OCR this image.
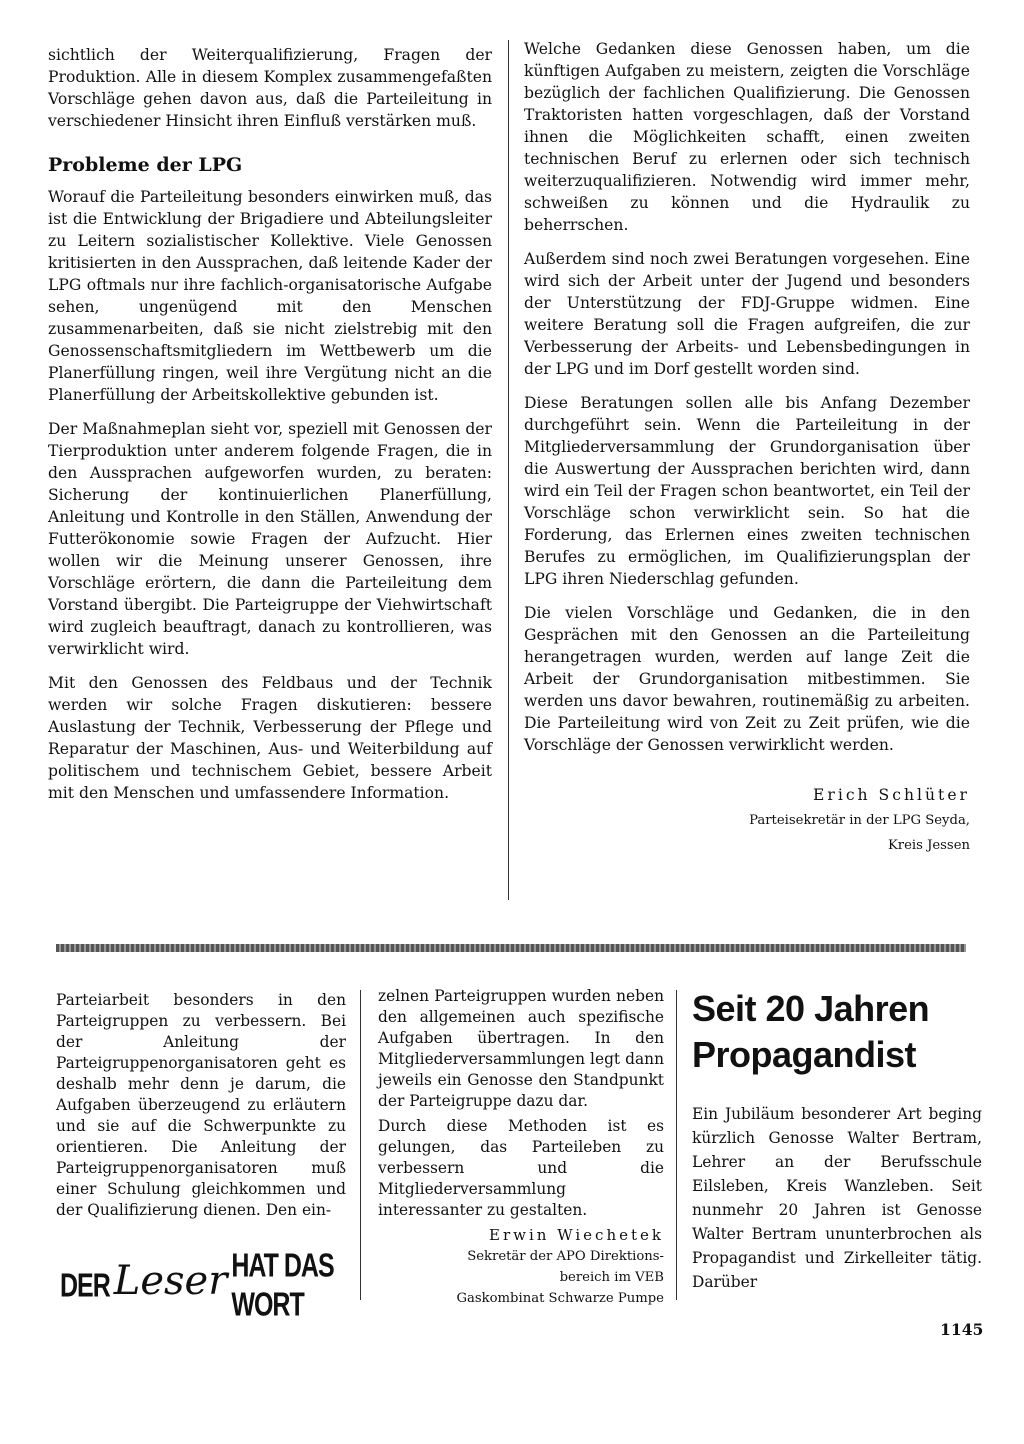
sichtlich der Weiterqualifizierung, Fragen der Produktion. Alle in diesem Komplex zusammengefaßten Vorschläge gehen davon aus, daß die Parteileitung in verschiedener Hinsicht ihren Einfluß verstärken muß.

Probleme der LPG

Worauf die Parteileitung besonders einwirken muß, das ist die Entwicklung der Brigadiere und Abteilungsleiter zu Leitern sozialistischer Kollektive. Viele Genossen kritisierten in den Aussprachen, daß leitende Kader der LPG oftmals nur ihre fachlich-organisatorische Aufgabe sehen, ungenügend mit den Menschen zusammenarbeiten, daß sie nicht zielstrebig mit den Genossenschaftsmitgliedern im Wettbewerb um die Planerfüllung ringen, weil ihre Vergütung nicht an die Planerfüllung der Arbeitskollektive gebunden ist.

Der Maßnahmeplan sieht vor, speziell mit Genossen der Tierproduktion unter anderem folgende Fragen, die in den Aussprachen aufgeworfen wurden, zu beraten: Sicherung der kontinuierlichen Planerfüllung, Anleitung und Kontrolle in den Ställen, Anwendung der Futterökonomie sowie Fragen der Aufzucht. Hier wollen wir die Meinung unserer Genossen, ihre Vorschläge erörtern, die dann die Parteileitung dem Vorstand übergibt. Die Parteigruppe der Viehwirtschaft wird zugleich beauftragt, danach zu kontrollieren, was verwirklicht wird.

Mit den Genossen des Feldbaus und der Technik werden wir solche Fragen diskutieren: bessere Auslastung der Technik, Verbesserung der Pflege und Reparatur der Maschinen, Aus- und Weiterbildung auf politischem und technischem Gebiet, bessere Arbeit mit den Menschen und umfassendere Information.

Welche Gedanken diese Genossen haben, um die künftigen Aufgaben zu meistern, zeigten die Vorschläge bezüglich der fachlichen Qualifizierung. Die Genossen Traktoristen hatten vorgeschlagen, daß der Vorstand ihnen die Möglichkeiten schafft, einen zweiten technischen Beruf zu erlernen oder sich technisch weiterzuqualifizieren. Notwendig wird immer mehr, schweißen zu können und die Hydraulik zu beherrschen.

Außerdem sind noch zwei Beratungen vorgesehen. Eine wird sich der Arbeit unter der Jugend und besonders der Unterstützung der FDJ-Gruppe widmen. Eine weitere Beratung soll die Fragen aufgreifen, die zur Verbesserung der Arbeits- und Lebensbedingungen in der LPG und im Dorf gestellt worden sind.

Diese Beratungen sollen alle bis Anfang Dezember durchgeführt sein. Wenn die Parteileitung in der Mitgliederversammlung der Grundorganisation über die Auswertung der Aussprachen berichten wird, dann wird ein Teil der Fragen schon beantwortet, ein Teil der Vorschläge schon verwirklicht sein. So hat die Forderung, das Erlernen eines zweiten technischen Berufes zu ermöglichen, im Qualifizierungsplan der LPG ihren Niederschlag gefunden.

Die vielen Vorschläge und Gedanken, die in den Gesprächen mit den Genossen an die Parteileitung herangetragen wurden, werden auf lange Zeit die Arbeit der Grundorganisation mitbestimmen. Sie werden uns davor bewahren, routinemäßig zu arbeiten. Die Parteileitung wird von Zeit zu Zeit prüfen, wie die Vorschläge der Genossen verwirklicht werden.

Erich Schlüter
Parteisekretär in der LPG Seyda,
Kreis Jessen

Parteiarbeit besonders in den Parteigruppen zu verbessern. Bei der Anleitung der Parteigruppenorganisatoren geht es deshalb mehr denn je darum, die Aufgaben überzeugend zu erläutern und sie auf die Schwerpunkte zu orientieren. Die Anleitung der Parteigruppenorganisatoren muß einer Schulung gleichkommen und der Qualifizierung dienen. Den ein-

DER Leser HAT DAS WORT

zelnen Parteigruppen wurden neben den allgemeinen auch spezifische Aufgaben übertragen. In den Mitgliederversammlungen legt dann jeweils ein Genosse den Standpunkt der Parteigruppe dazu dar.

Durch diese Methoden ist es gelungen, das Parteileben zu verbessern und die Mitgliederversammlung interessanter zu gestalten.

Erwin Wiechetek
Sekretär der APO Direktions-
bereich im VEB
Gaskombinat Schwarze Pumpe
Seit 20 Jahren
Propagandist

Ein Jubiläum besonderer Art beging kürzlich Genosse Walter Bertram, Lehrer an der Berufsschule Eilsleben, Kreis Wanzleben. Seit nunmehr 20 Jahren ist Genosse Walter Bertram ununterbrochen als Propagandist und Zirkelleiter tätig. Darüber

1145
